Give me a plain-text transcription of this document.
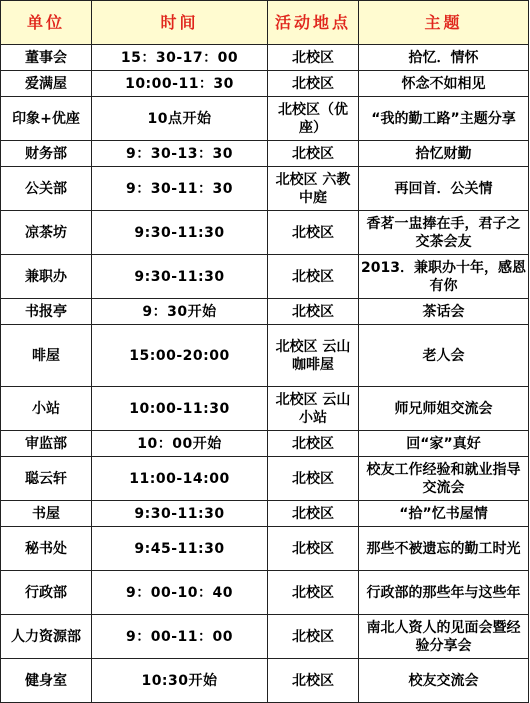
单位	时间	活动地点	主题
董事会	15：30-17：00	北校区	拾忆．情怀
爱满屋	10:00-11：30	北校区	怀念不如相见
印象+优座	10点开始	北校区（优座）	“我的勤工路”主题分享
财务部	9：30-13：30	北校区	拾忆财勤
公关部	9：30-11：30	北校区 六教中庭	再回首．公关情
凉茶坊	9:30-11:30	北校区	香茗一盅捧在手，君子之交茶会友
兼职办	9:30-11:30	北校区	2013．兼职办十年，感恩有你
书报亭	9：30开始	北校区	茶话会
啡屋	15:00-20:00	北校区 云山咖啡屋	老人会
小站	10:00-11:30	北校区 云山小站	师兄师姐交流会
审监部	10：00开始	北校区	回“家”真好
聪云轩	11:00-14:00	北校区	校友工作经验和就业指导交流会
书屋	9:30-11:30	北校区	“拾”忆书屋情
秘书处	9:45-11:30	北校区	那些不被遗忘的勤工时光
行政部	9：00-10：40	北校区	行政部的那些年与这些年
人力资源部	9：00-11：00	北校区	南北人资人的见面会暨经验分享会
健身室	10:30开始	北校区	校友交流会
